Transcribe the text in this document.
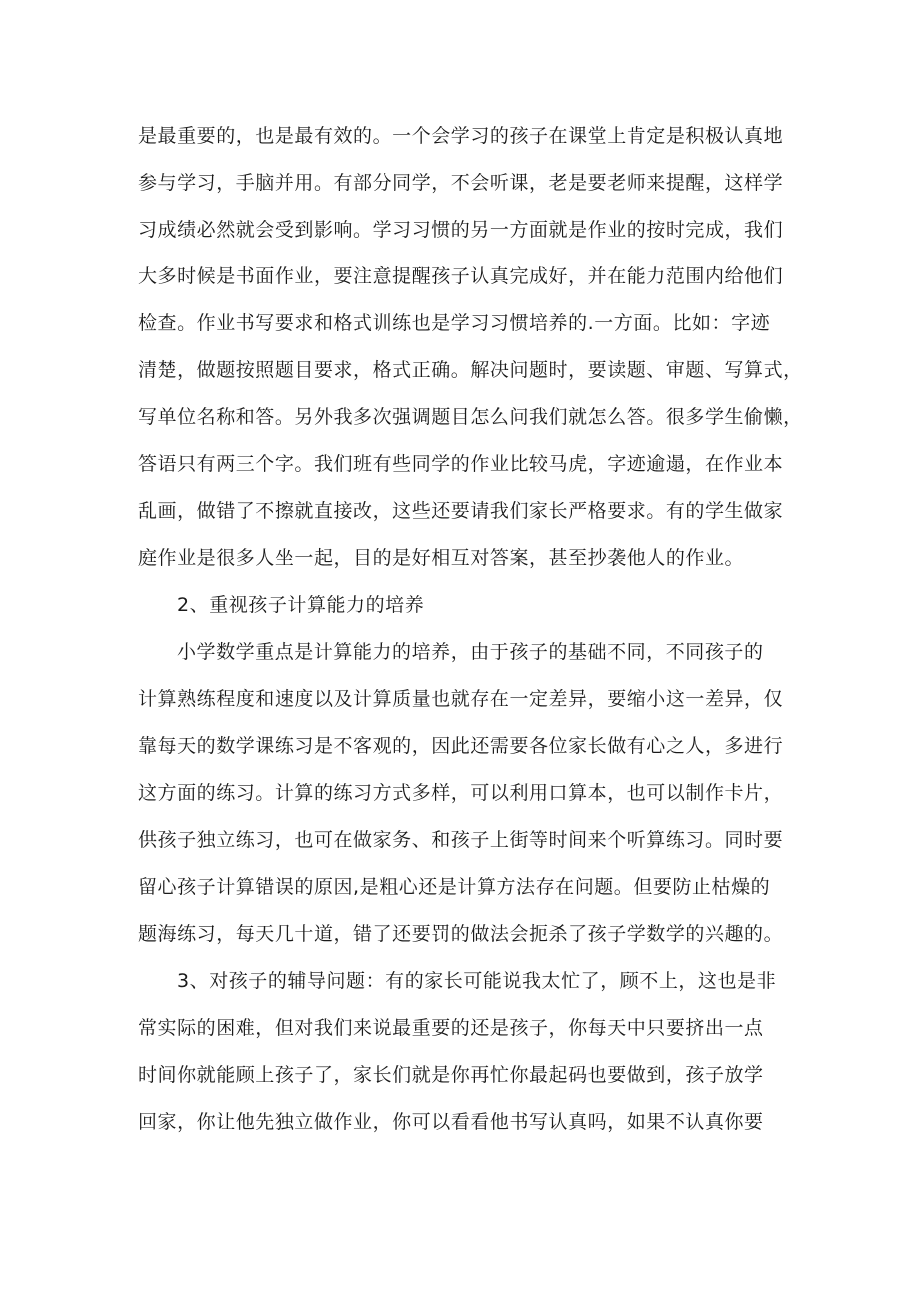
是最重要的，也是最有效的。一个会学习的孩子在课堂上肯定是积极认真地
参与学习，手脑并用。有部分同学，不会听课，老是要老师来提醒，这样学
习成绩必然就会受到影响。学习习惯的另一方面就是作业的按时完成，我们
大多时候是书面作业，要注意提醒孩子认真完成好，并在能力范围内给他们
检查。作业书写要求和格式训练也是学习习惯培养的.一方面。比如：字迹
清楚，做题按照题目要求，格式正确。解决问题时，要读题、审题、写算式，
写单位名称和答。另外我多次强调题目怎么问我们就怎么答。很多学生偷懒，
答语只有两三个字。我们班有些同学的作业比较马虎，字迹逾遢，在作业本
乱画，做错了不擦就直接改，这些还要请我们家长严格要求。有的学生做家
庭作业是很多人坐一起，目的是好相互对答案，甚至抄袭他人的作业。
2、重视孩子计算能力的培养
小学数学重点是计算能力的培养，由于孩子的基础不同，不同孩子的
计算熟练程度和速度以及计算质量也就存在一定差异，要缩小这一差异，仅
靠每天的数学课练习是不客观的，因此还需要各位家长做有心之人，多进行
这方面的练习。计算的练习方式多样，可以利用口算本，也可以制作卡片，
供孩子独立练习，也可在做家务、和孩子上街等时间来个听算练习。同时要
留心孩子计算错误的原因,是粗心还是计算方法存在问题。但要防止枯燥的
题海练习，每天几十道，错了还要罚的做法会扼杀了孩子学数学的兴趣的。
3、对孩子的辅导问题：有的家长可能说我太忙了，顾不上，这也是非
常实际的困难，但对我们来说最重要的还是孩子，你每天中只要挤出一点
时间你就能顾上孩子了，家长们就是你再忙你最起码也要做到，孩子放学
回家，你让他先独立做作业，你可以看看他书写认真吗，如果不认真你要
